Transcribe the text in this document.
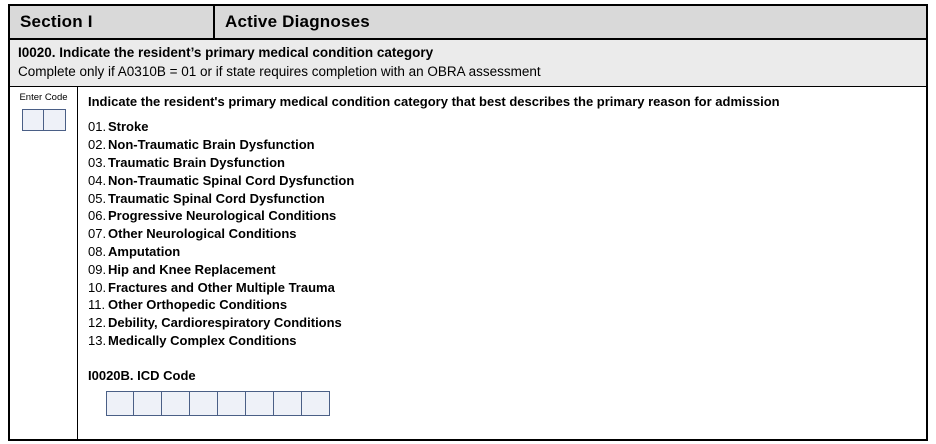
Section I	Active Diagnoses
I0020. Indicate the resident’s primary medical condition category
Complete only if A0310B = 01 or if state requires completion with an OBRA assessment
Enter Code	Indicate the resident's primary medical condition category that best describes the primary reason for admission
01. Stroke
02. Non-Traumatic Brain Dysfunction
03. Traumatic Brain Dysfunction
04. Non-Traumatic Spinal Cord Dysfunction
05. Traumatic Spinal Cord Dysfunction
06. Progressive Neurological Conditions
07. Other Neurological Conditions
08. Amputation
09. Hip and Knee Replacement
10. Fractures and Other Multiple Trauma
11. Other Orthopedic Conditions
12. Debility, Cardiorespiratory Conditions
13. Medically Complex Conditions
I0020B. ICD Code
